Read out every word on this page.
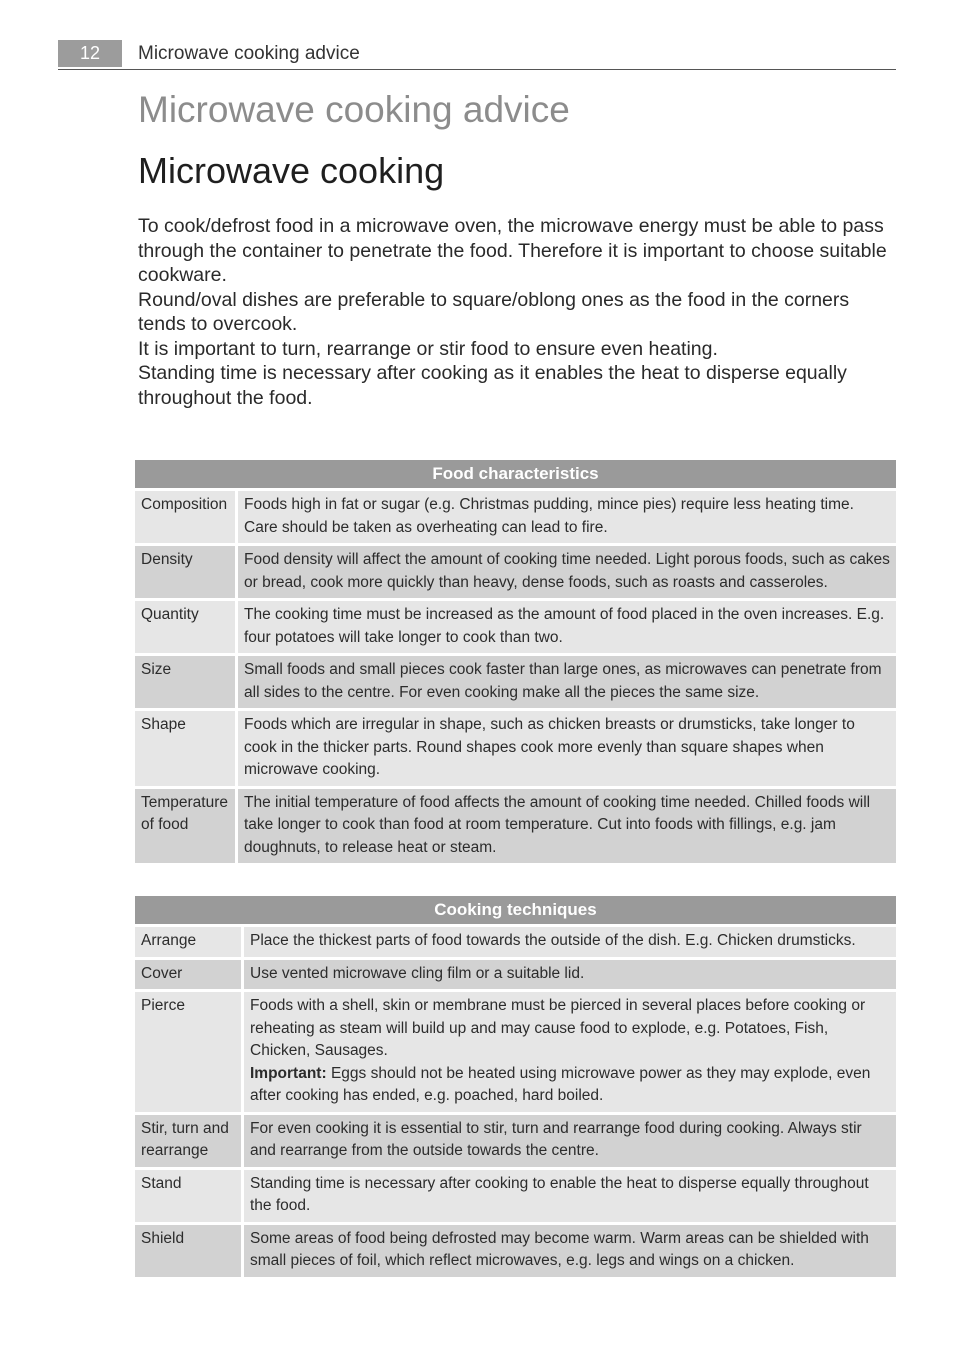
12	Microwave cooking advice
Microwave cooking advice
Microwave cooking

To cook/defrost food in a microwave oven, the microwave energy must be able to pass through the container to penetrate the food. Therefore it is important to choose suitable cookware.

Round/oval dishes are preferable to square/oblong ones as the food in the corners tends to overcook.

It is important to turn, rearrange or stir food to ensure even heating.

Standing time is necessary after cooking as it enables the heat to disperse equally throughout the food.

Food characteristics	
Composition	Foods high in fat or sugar (e.g. Christmas pudding, mince pies) require less heating time. Care should be taken as overheating can lead to fire.
Density	Food density will affect the amount of cooking time needed. Light porous foods, such as cakes or bread, cook more quickly than heavy, dense foods, such as roasts and casseroles.
Quantity	The cooking time must be increased as the amount of food placed in the oven increases. E.g. four potatoes will take longer to cook than two.
Size	Small foods and small pieces cook faster than large ones, as microwaves can penetrate from all sides to the centre. For even cooking make all the pieces the same size.
Shape	Foods which are irregular in shape, such as chicken breasts or drumsticks, take longer to cook in the thicker parts. Round shapes cook more evenly than square shapes when microwave cooking.
Temperature of food	The initial temperature of food affects the amount of cooking time needed. Chilled foods will take longer to cook than food at room temperature. Cut into foods with fillings, e.g. jam doughnuts, to release heat or steam.
Cooking techniques	
Arrange	Place the thickest parts of food towards the outside of the dish. E.g. Chicken drumsticks.
Cover	Use vented microwave cling film or a suitable lid.
Pierce	Foods with a shell, skin or membrane must be pierced in several places before cooking or reheating as steam will build up and may cause food to explode, e.g. Potatoes, Fish, Chicken, Sausages.
Important: Eggs should not be heated using microwave power as they may explode, even after cooking has ended, e.g. poached, hard boiled.
Stir, turn and rearrange	For even cooking it is essential to stir, turn and rearrange food during cooking. Always stir and rearrange from the outside towards the centre.
Stand	Standing time is necessary after cooking to enable the heat to disperse equally throughout the food.
Shield	Some areas of food being defrosted may become warm. Warm areas can be shielded with small pieces of foil, which reflect microwaves, e.g. legs and wings on a chicken.
